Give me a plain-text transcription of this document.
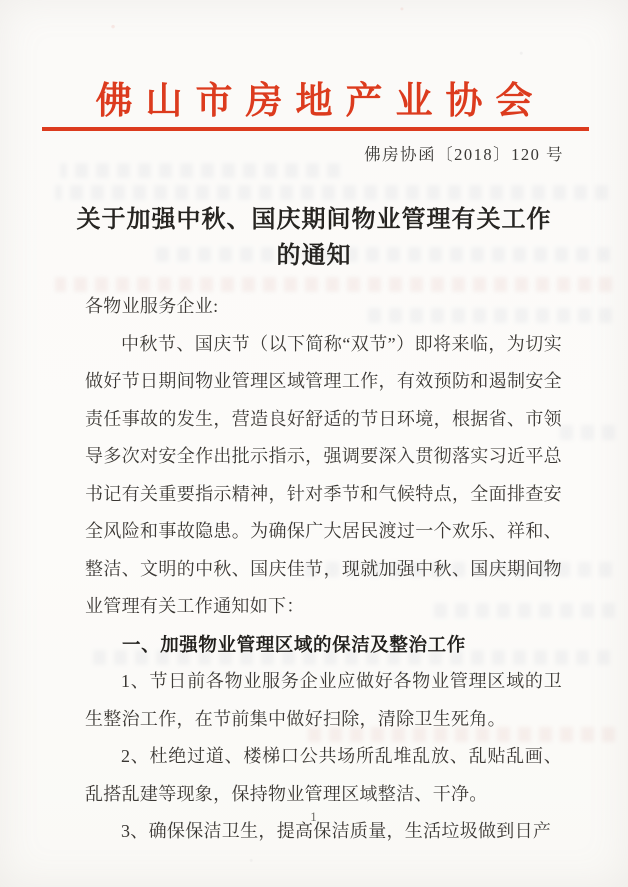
佛山市房地产业协会
佛房协函〔2018〕120 号
关于加强中秋、国庆期间物业管理有关工作
的通知

各物业服务企业:

中秋节、国庆节（以下简称“双节”）即将来临，为切实做好节日期间物业管理区域管理工作，有效预防和遏制安全责任事故的发生，营造良好舒适的节日环境，根据省、市领导多次对安全作出批示指示，强调要深入贯彻落实习近平总书记有关重要指示精神，针对季节和气候特点，全面排查安全风险和事故隐患。为确保广大居民渡过一个欢乐、祥和、整洁、文明的中秋、国庆佳节，现就加强中秋、国庆期间物业管理有关工作通知如下：

一、加强物业管理区域的保洁及整治工作

1、节日前各物业服务企业应做好各物业管理区域的卫生整治工作，在节前集中做好扫除，清除卫生死角。

2、杜绝过道、楼梯口公共场所乱堆乱放、乱贴乱画、乱搭乱建等现象，保持物业管理区域整洁、干净。

3、确保保洁卫生，提高保洁质量，生活垃圾做到日产

1
